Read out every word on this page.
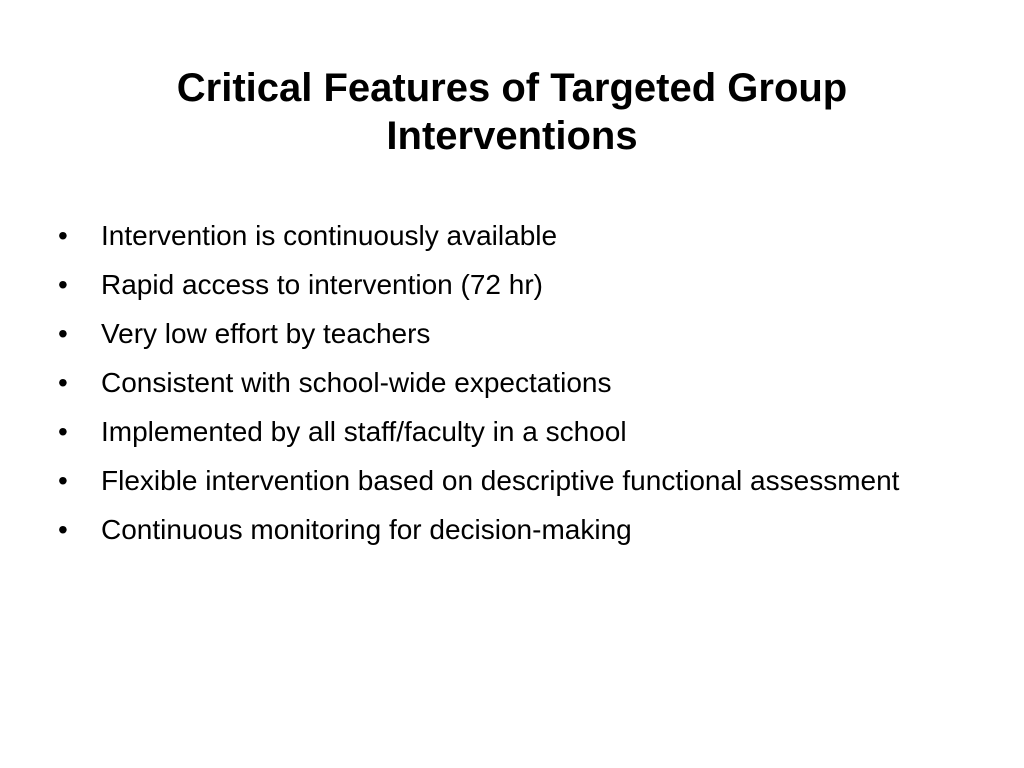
Critical Features of Targeted Group Interventions
•	Intervention is continuously available
•	Rapid access to intervention (72 hr)
•	Very low effort by teachers
•	Consistent with school-wide expectations
•	Implemented by all staff/faculty in a school
•	Flexible intervention based on descriptive functional assessment
•	Continuous monitoring for decision-making
